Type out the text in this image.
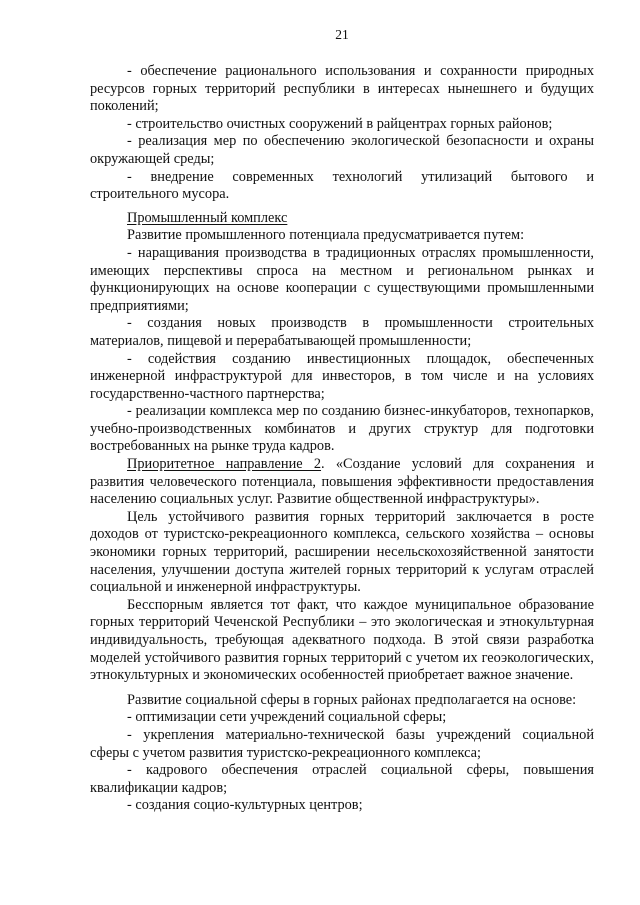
21

- обеспечение рационального использования и сохранности природных ресурсов горных территорий республики в интересах нынешнего и будущих поколений;

- строительство очистных сооружений в райцентрах горных районов;

- реализация мер по обеспечению экологической безопасности и охраны окружающей среды;

- внедрение современных технологий утилизаций бытового и строительного мусора.

Промышленный комплекс

Развитие промышленного потенциала предусматривается путем:

- наращивания производства в традиционных отраслях промышленности, имеющих перспективы спроса на местном и региональном рынках и функционирующих на основе кооперации с существующими промышленными предприятиями;

- создания новых производств в промышленности строительных материалов, пищевой и перерабатывающей промышленности;

- содействия созданию инвестиционных площадок, обеспеченных инженерной инфраструктурой для инвесторов, в том числе и на условиях государственно-частного партнерства;

- реализации комплекса мер по созданию бизнес-инкубаторов, технопарков, учебно-производственных комбинатов и других структур для подготовки востребованных на рынке труда кадров.

Приоритетное направление 2. «Создание условий для сохранения и развития человеческого потенциала, повышения эффективности предоставления населению социальных услуг. Развитие общественной инфраструктуры».

Цель устойчивого развития горных территорий заключается в росте доходов от туристско-рекреационного комплекса, сельского хозяйства – основы экономики горных территорий, расширении несельскохозяйственной занятости населения, улучшении доступа жителей горных территорий к услугам отраслей социальной и инженерной инфраструктуры.

Бесспорным является тот факт, что каждое муниципальное образование горных территорий Чеченской Республики – это экологическая и этнокультурная индивидуальность, требующая адекватного подхода. В этой связи разработка моделей устойчивого развития горных территорий с учетом их геоэкологических, этнокультурных и экономических особенностей приобретает важное значение.

Развитие социальной сферы в горных районах предполагается на основе:

- оптимизации сети учреждений социальной сферы;

- укрепления материально-технической базы учреждений социальной сферы с учетом развития туристско-рекреационного комплекса;

- кадрового обеспечения отраслей социальной сферы, повышения квалификации кадров;

- создания социо-культурных центров;
